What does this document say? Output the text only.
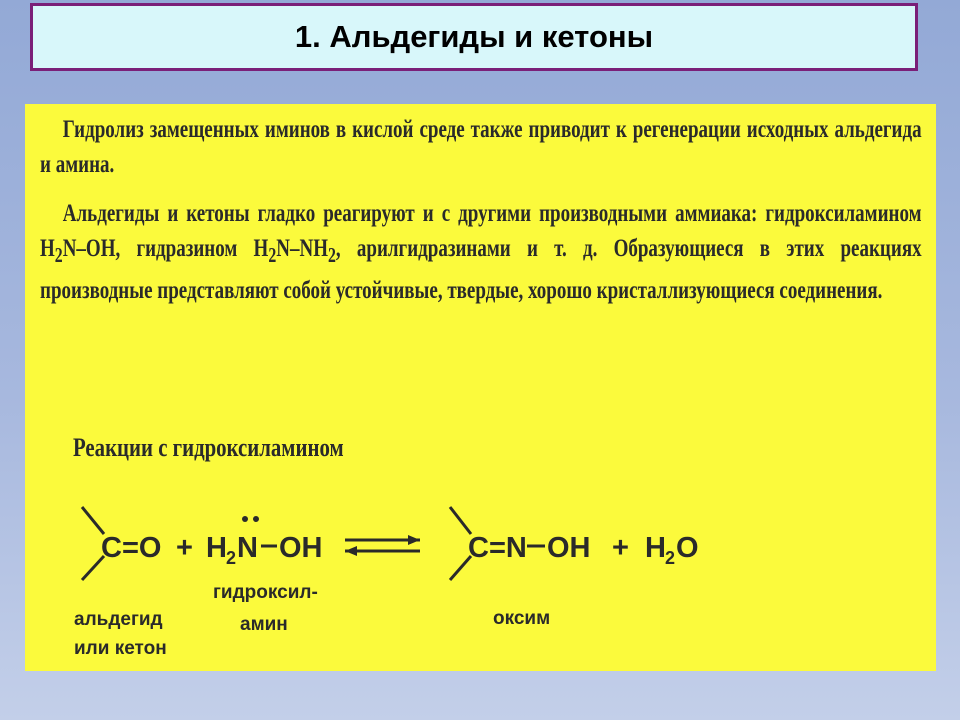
1. Альдегиды и кетоны

Гидролиз замещенных иминов в кислой среде также приводит к регенерации исходных альдегида и амина.

Альдегиды и кетоны гладко реагируют и с другими производными аммиака: гидроксиламином $H_2N-OH$, гидразином $H_2N-NH_2$, арилгидразинами и т. д. Образующиеся в этих реакциях производные представляют собой устойчивые, твердые, хорошо кристаллизующиеся соединения.

Реакции с гидроксиламином

C=O + H 2 N OH	C=N OH + H 2 O
альдегид
или кетон
гидроксил-
амин	оксим
